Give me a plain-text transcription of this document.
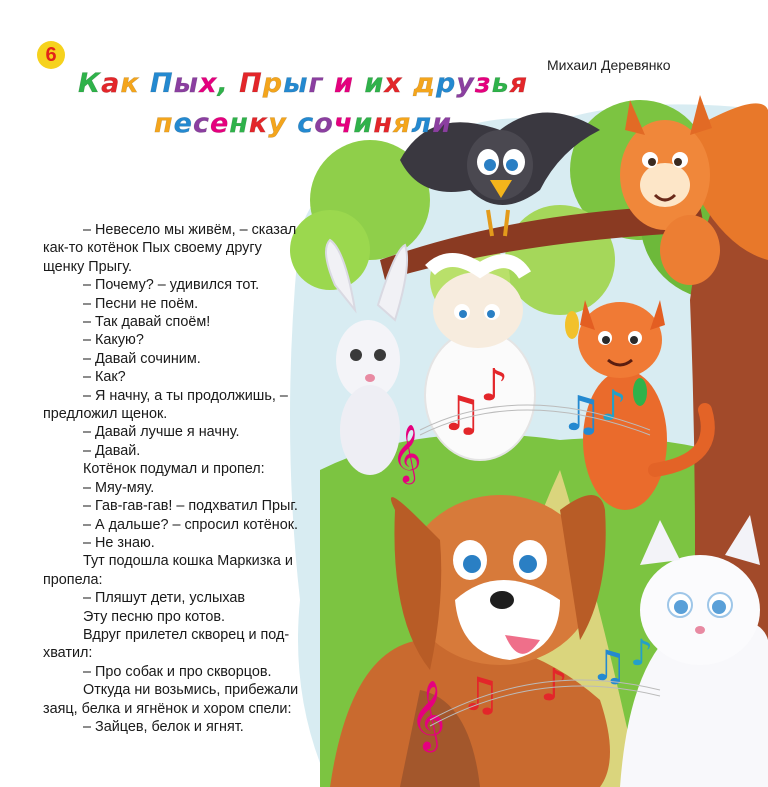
𝄞
♫
♪
♫
♪
𝄞 ♫ ♪ ♫ ♪
6	Михаил Деревянко
Как Пых, Прыг и их друзья
песенку сочиняли

– Невесело мы живём, – сказал

как-то котёнок Пых своему другу

щенку Прыгу.

– Почему? – удивился тот.

– Песни не поём.

– Так давай споём!

– Какую?

– Давай сочиним.

– Как?

– Я начну, а ты продолжишь, –

предложил щенок.

– Давай лучше я начну.

– Давай.

Котёнок подумал и пропел:

– Мяу-мяу.

– Гав-гав-гав! – подхватил Прыг.

– А дальше? – спросил котёнок.

– Не знаю.

Тут подошла кошка Маркизка и

пропела:

– Пляшут дети, услыхав

Эту песню про котов.

Вдруг прилетел скворец и под-

хватил:

– Про собак и про скворцов.

Откуда ни возьмись, прибежали

заяц, белка и ягнёнок и хором спели:

– Зайцев, белок и ягнят.
